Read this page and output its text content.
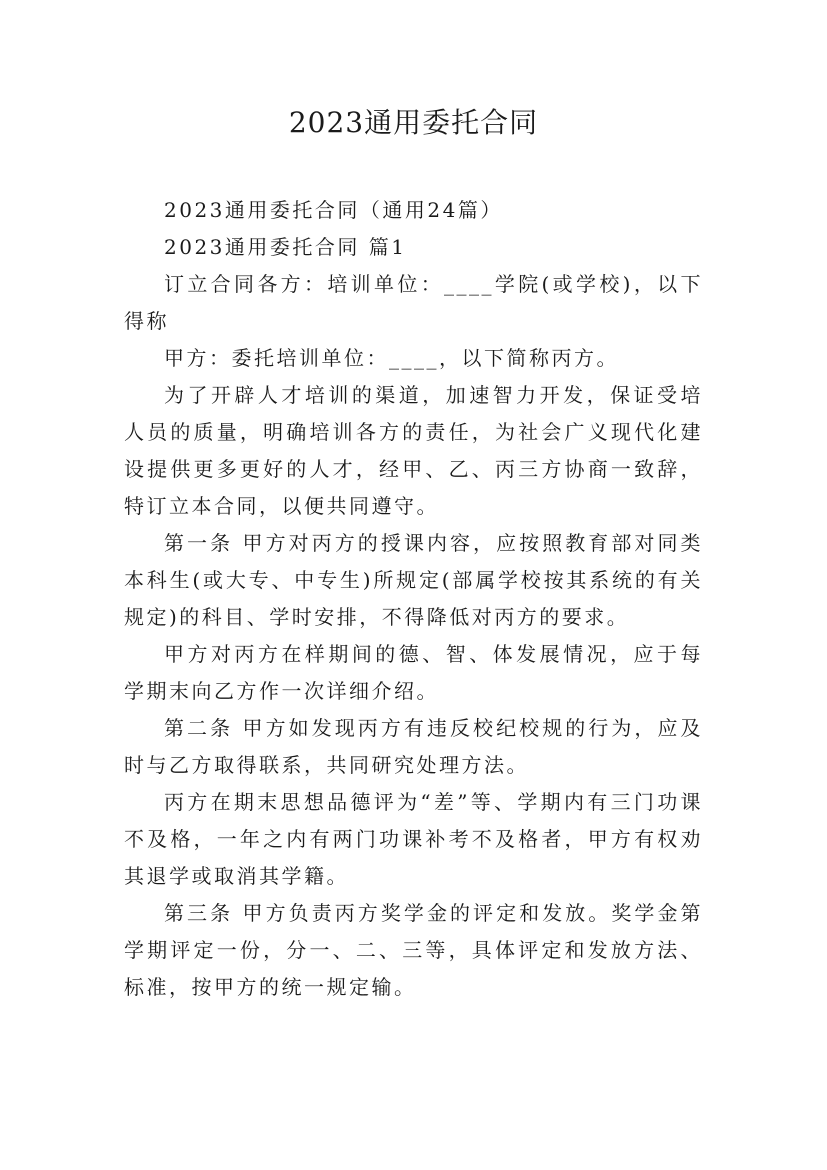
2023通用委托合同

2023通用委托合同（通用24篇）

2023通用委托合同 篇1

订立合同各方：培训单位：____学院(或学校)，以下得称

甲方：委托培训单位：____，以下简称丙方。

为了开辟人才培训的渠道，加速智力开发，保证受培人员的质量，明确培训各方的责任，为社会广义现代化建设提供更多更好的人才，经甲、乙、丙三方协商一致辞，特订立本合同，以便共同遵守。

第一条 甲方对丙方的授课内容，应按照教育部对同类本科生(或大专、中专生)所规定(部属学校按其系统的有关规定)的科目、学时安排，不得降低对丙方的要求。

甲方对丙方在样期间的德、智、体发展情况，应于每学期末向乙方作一次详细介绍。

第二条 甲方如发现丙方有违反校纪校规的行为，应及时与乙方取得联系，共同研究处理方法。

丙方在期末思想品德评为“差”等、学期内有三门功课不及格，一年之内有两门功课补考不及格者，甲方有权劝其退学或取消其学籍。

第三条 甲方负责丙方奖学金的评定和发放。奖学金第学期评定一份，分一、二、三等，具体评定和发放方法、标准，按甲方的统一规定输。
